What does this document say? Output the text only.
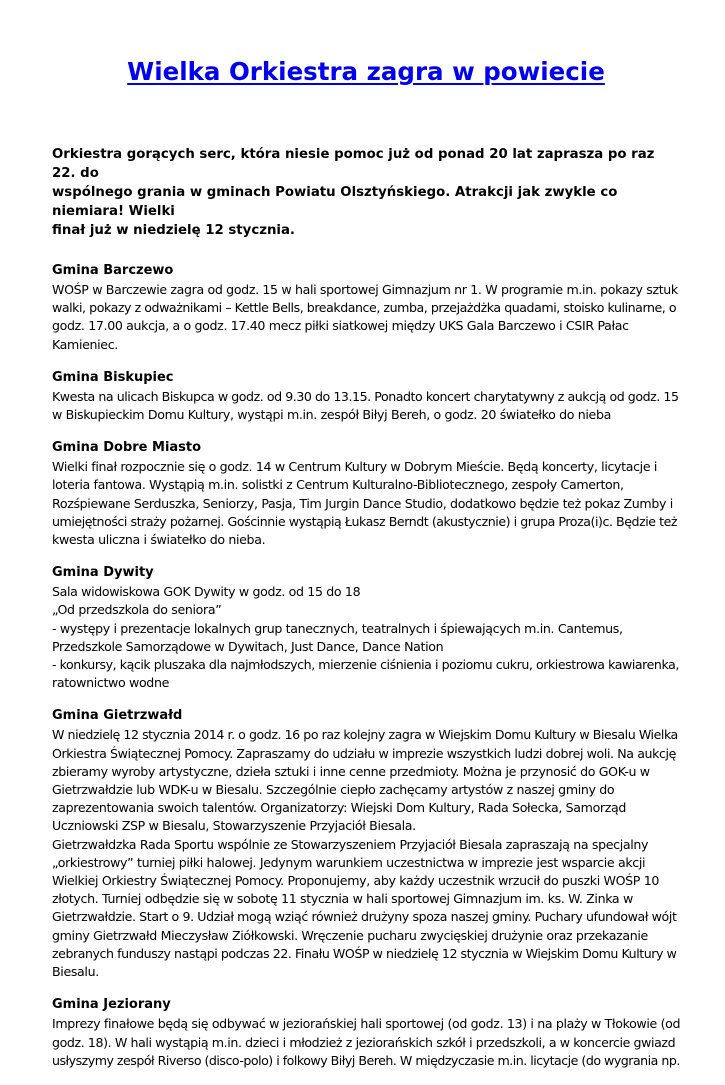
Wielka Orkiestra zagra w powiecie
Orkiestra gorących serc, która niesie pomoc już od ponad 20 lat zaprasza po raz 22. do
wspólnego grania w gminach Powiatu Olsztyńskiego. Atrakcji jak zwykle co niemiara! Wielki
finał już w niedzielę 12 stycznia.
Gmina Barczewo
WOŚP w Barczewie zagra od godz. 15 w hali sportowej Gimnazjum nr 1. W programie m.in. pokazy sztuk
walki, pokazy z odważnikami – Kettle Bells, breakdance, zumba, przejażdżka quadami, stoisko kulinarne, o
godz. 17.00 aukcja, a o godz. 17.40 mecz piłki siatkowej między UKS Gala Barczewo i CSIR Pałac
Kamieniec.
Gmina Biskupiec
Kwesta na ulicach Biskupca w godz. od 9.30 do 13.15. Ponadto koncert charytatywny z aukcją od godz. 15
w Biskupieckim Domu Kultury, wystąpi m.in. zespół Biłyj Bereh, o godz. 20 światełko do nieba
Gmina Dobre Miasto
Wielki finał rozpocznie się o godz. 14 w Centrum Kultury w Dobrym Mieście. Będą koncerty, licytacje i
loteria fantowa. Wystąpią m.in. solistki z Centrum Kulturalno-Bibliotecznego, zespoły Camerton,
Rozśpiewane Serduszka, Seniorzy, Pasja, Tim Jurgin Dance Studio, dodatkowo będzie też pokaz Zumby i
umiejętności straży pożarnej. Gościnnie wystąpią Łukasz Berndt (akustycznie) i grupa Proza(i)c. Będzie też
kwesta uliczna i światełko do nieba.
Gmina Dywity
Sala widowiskowa GOK Dywity w godz. od 15 do 18
„Od przedszkola do seniora”
- występy i prezentacje lokalnych grup tanecznych, teatralnych i śpiewających m.in. Cantemus,
Przedszkole Samorządowe w Dywitach, Just Dance, Dance Nation
- konkursy, kącik pluszaka dla najmłodszych, mierzenie ciśnienia i poziomu cukru, orkiestrowa kawiarenka,
ratownictwo wodne
Gmina Gietrzwałd
W niedzielę 12 stycznia 2014 r. o godz. 16 po raz kolejny zagra w Wiejskim Domu Kultury w Biesalu Wielka
Orkiestra Świątecznej Pomocy. Zapraszamy do udziału w imprezie wszystkich ludzi dobrej woli. Na aukcję
zbieramy wyroby artystyczne, dzieła sztuki i inne cenne przedmioty. Można je przynosić do GOK-u w
Gietrzwałdzie lub WDK-u w Biesalu. Szczególnie ciepło zachęcamy artystów z naszej gminy do
zaprezentowania swoich talentów. Organizatorzy: Wiejski Dom Kultury, Rada Sołecka, Samorząd
Uczniowski ZSP w Biesalu, Stowarzyszenie Przyjaciół Biesala.
Gietrzwałdzka Rada Sportu wspólnie ze Stowarzyszeniem Przyjaciół Biesala zapraszają na specjalny
„orkiestrowy” turniej piłki halowej. Jedynym warunkiem uczestnictwa w imprezie jest wsparcie akcji
Wielkiej Orkiestry Świątecznej Pomocy. Proponujemy, aby każdy uczestnik wrzucił do puszki WOŚP 10
złotych. Turniej odbędzie się w sobotę 11 stycznia w hali sportowej Gimnazjum im. ks. W. Zinka w
Gietrzwałdzie. Start o 9. Udział mogą wziąć również drużyny spoza naszej gminy. Puchary ufundował wójt
gminy Gietrzwałd Mieczysław Ziółkowski. Wręczenie pucharu zwycięskiej drużynie oraz przekazanie
zebranych funduszy nastąpi podczas 22. Finału WOŚP w niedzielę 12 stycznia w Wiejskim Domu Kultury w
Biesalu.
Gmina Jeziorany
Imprezy finałowe będą się odbywać w jeziorańskiej hali sportowej (od godz. 13) i na plaży w Tłokowie (od
godz. 18). W hali wystąpią m.in. dzieci i młodzież z jeziorańskich szkół i przedszkoli, a w koncercie gwiazd
usłyszymy zespół Riverso (disco-polo) i folkowy Biłyj Bereh. W międzyczasie m.in. licytacje (do wygrania np.
